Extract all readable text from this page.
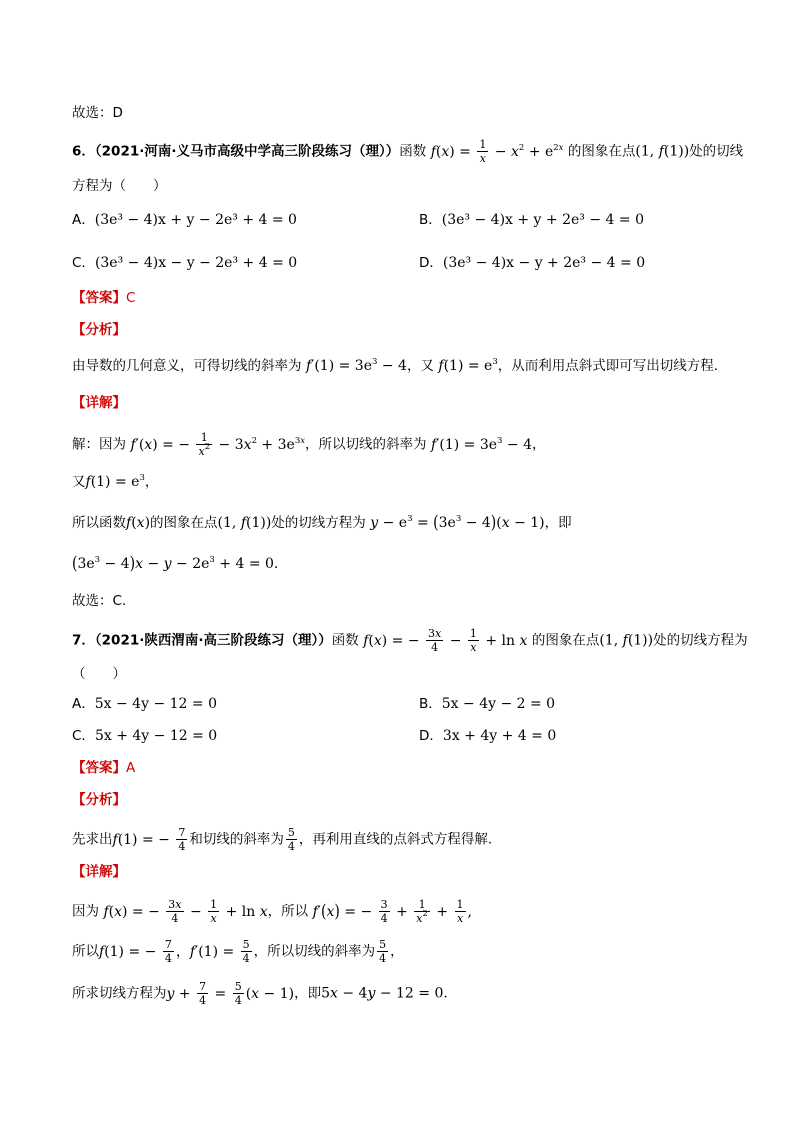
故选：D
6．（2021·河南·义马市高级中学高三阶段练习（理））函数 $f(x) = \frac{1}{x} - x^2 + e^{2x}$ 的图象在点(1, f(1))处的切线
方程为（　　）
A．(3e³ − 4)x + y − 2e³ + 4 = 0	B．(3e³ − 4)x + y + 2e³ − 4 = 0
C．(3e³ − 4)x − y − 2e³ + 4 = 0	D．(3e³ − 4)x − y + 2e³ − 4 = 0
【答案】C
【分析】
由导数的几何意义，可得切线的斜率为 $f'(1) = 3e^3 - 4$，又 $f(1) = e^3$，从而利用点斜式即可写出切线方程.
【详解】
解：因为 f′(x) = − $\frac{1}{x^2} - 3x^2 + 3e^{3x}$，所以切线的斜率为 $f'(1) = 3e^3 - 4$，
又$f(1) = e^3$，
所以函数f(x)的图象在点(1, f(1))处的切线方程为 $y - e^3 = (3e^3 - 4)(x - 1)$，即
$(3e^3 - 4)x - y - 2e^3 + 4 = 0$.
故选：C.
7．（2021·陕西渭南·高三阶段练习（理））函数 f(x) = − $\frac{3x}{4} - \frac{1}{x} + \ln x$ 的图象在点(1, f(1))处的切线方程为
（　　）
A．5x − 4y − 12 = 0	B．5x − 4y − 2 = 0
C．5x + 4y − 12 = 0	D．3x + 4y + 4 = 0
【答案】A
【分析】
先求出f(1) = − $\frac{7}{4}$ 和切线的斜率为 $\frac{5}{4}$ ，再利用直线的点斜式方程得解.
【详解】
因为 f(x) = − $\frac{3x}{4} - \frac{1}{x} + \ln x$，所以 f′(x) = − $\frac{3}{4} + \frac{1}{x^2} + \frac{1}{x}$ ,
所以f(1) = − $\frac{7}{4}$ ，$f'(1) = \frac{5}{4}$ ，所以切线的斜率为 $\frac{5}{4}$ ，
所求切线方程为$y + \frac{7}{4} = \frac{5}{4} (x - 1)$，即5x − 4y − 12 = 0.
